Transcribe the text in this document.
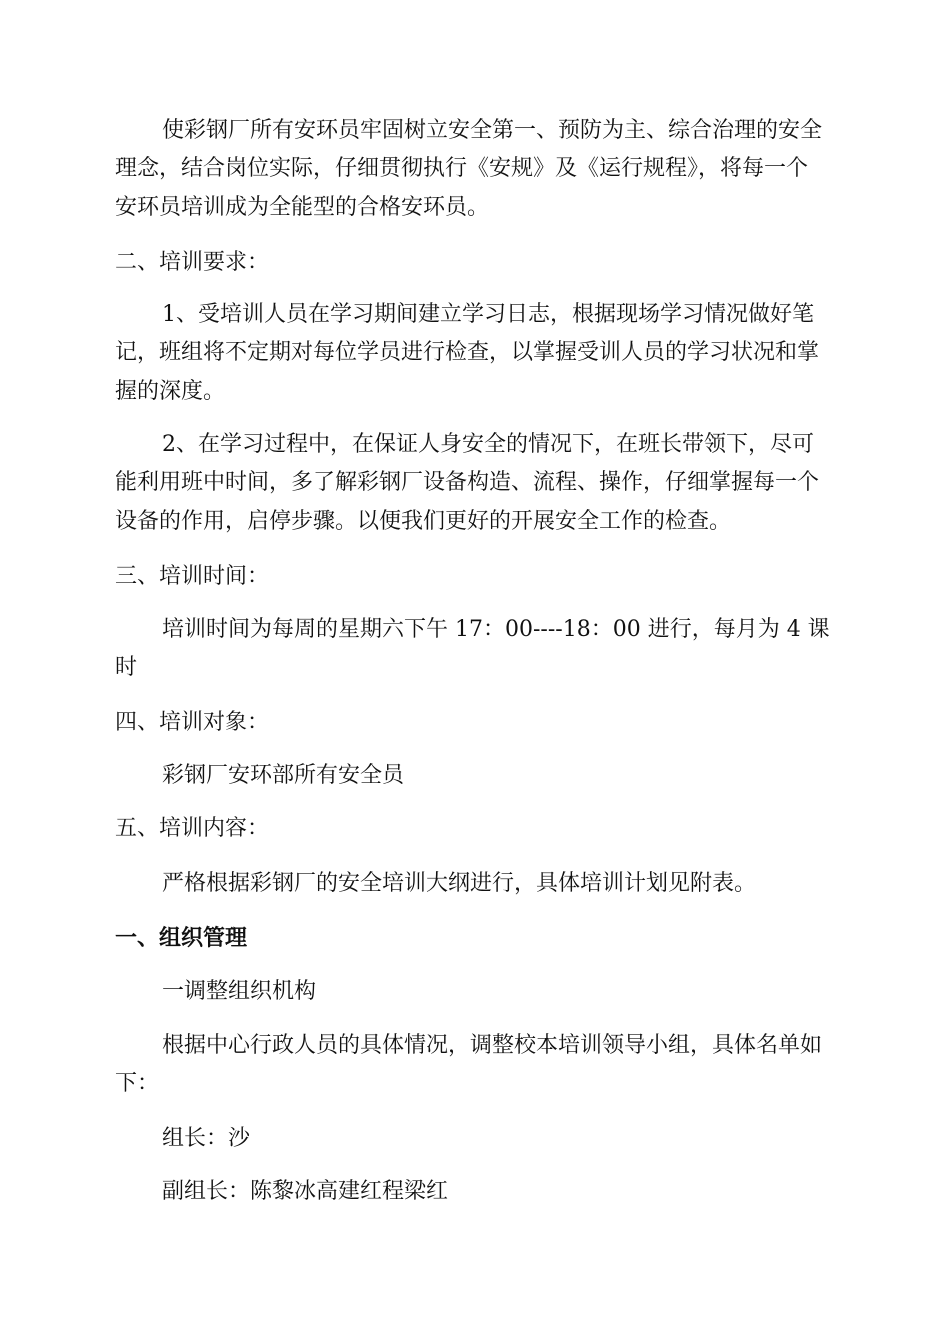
使彩钢厂所有安环员牢固树立安全第一、预防为主、综合治理的安全
理念，结合岗位实际，仔细贯彻执行《安规》及《运行规程》，将每一个
安环员培训成为全能型的合格安环员。
二、培训要求：
1、受培训人员在学习期间建立学习日志，根据现场学习情况做好笔
记，班组将不定期对每位学员进行检查，以掌握受训人员的学习状况和掌
握的深度。
2、在学习过程中，在保证人身安全的情况下，在班长带领下，尽可
能利用班中时间，多了解彩钢厂设备构造、流程、操作，仔细掌握每一个
设备的作用，启停步骤。以便我们更好的开展安全工作的检查。
三、培训时间：
培训时间为每周的星期六下午 17：00----18：00 进行，每月为 4 课
时
四、培训对象：
彩钢厂安环部所有安全员
五、培训内容：
严格根据彩钢厂的安全培训大纲进行，具体培训计划见附表。
一、组织管理
一调整组织机构
根据中心行政人员的具体情况，调整校本培训领导小组，具体名单如
下：
组长：沙
副组长：陈黎冰高建红程梁红
